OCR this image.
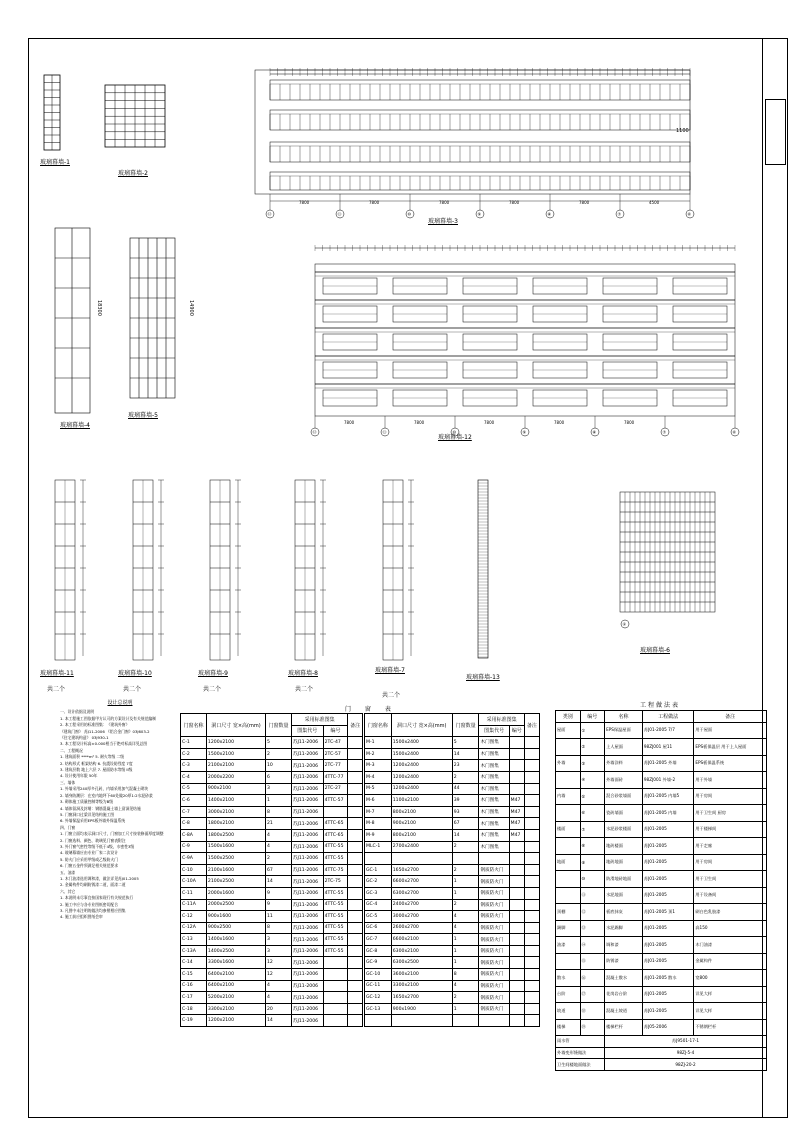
玻璃幕墙-1
玻璃幕墙-2
⑫	⑪	⑩	⑨	⑧	⑦	⑥
7800	7800	7800	7800	7800	4500
玻璃幕墙-3
1100
玻璃幕墙-4
18300
玻璃幕墙-5
14900
⑫	⑪	⑩	⑨	⑧	⑦	⑥
7800	7800	7800	7800	7800
玻璃幕墙-12
玻璃幕墙-11
共二个
玻璃幕墙-10
共二个
玻璃幕墙-9
共二个
玻璃幕墙-8
共二个
玻璃幕墙-7
共二个
玻璃幕墙-13
①
玻璃幕墙-6
设计总说明
一、设计依据及说明
1. 本工程施工图依据甲方认可的方案设计及有关规范编制
2. 本工程采用的标准图集：《建筑外窗》
《建筑门窗》 苏J11-2006 《铝合金门窗》03J603-2
《住宅建筑构造》 03J930-1
3. 本工程设计标高±0.000相当于绝对标高详见总图
二、工程概况
1. 建筑面积 ****m² 5. 耐火等级 二级
2. 结构形式 框架结构 6. 抗震设防烈度 7度
3. 建筑层数 地上六层 7. 屋面防水等级 II级
4. 设计使用年限 50年
三、墙体
1. 外墙采用240厚多孔砖，内墙采用加气混凝土砌块
2. 墙身防潮层：在室内地坪下60处做20厚1:2水泥砂浆
3. 砌体施工质量控制等级为B级
4. 墙体留洞及封堵：钢筋混凝土墙上留洞见结施
5. 门窗洞口过梁详见结构施工图
6. 外墙保温采用EPS板外墙外保温系统
四、门窗
1. 门窗立面均表示洞口尺寸，门窗加工尺寸按装修面厚度调整
2. 门窗选料、颜色、玻璃见门窗表附注
3. 外门窗气密性等级不低于4级，水密性3级
4. 玻璃幕墙应由专业厂家二次设计
5. 防火门应采用甲级或乙级防火门
6. 门窗五金件须满足相关规范要求
五、油漆
1. 木门油漆选用调和漆，做法详见苏J01-2005
2. 金属构件均刷防锈漆二道，面漆二道
六、其它
1. 本说明未尽事宜按国家现行有关规范执行
2. 施工中应与各专业图纸密切配合
3. 凡图中未注明的做法均参照相应图集
4. 施工前应组织图纸会审
门 窗 表
门窗名称	洞口尺寸 宽×高(mm)	门窗数量	采用标准图集		备注
			图集代号	编号	
C-1	1200x2100	5	苏J11-2006	2TC-47	
C-2	1500x2100	2	苏J11-2006	2TC-57	
C-3	2100x2100	10	苏J11-2006	2TC-77	
C-4	2000x2200	6	苏J11-2006	4TTC-77	
C-5	900x2100	3	苏J11-2006	2TC-27	
C-6	1400x2100	1	苏J11-2006	4TTC-57	
C-7	3000x2100	8	苏J11-2006		
C-8	1800x2100	21	苏J11-2006	4TTC-65	
C-8A	1800x2500	4	苏J11-2006	4TTC-65	
C-9	1500x1600	4	苏J11-2006	4TTC-55	
C-9A	1500x2500	2	苏J11-2006	4TTC-55	
C-10	2100x1600	67	苏J11-2006	4TTC-75	
C-10A	2100x2500	14	苏J11-2006	2TC-75	
C-11	2000x1600	9	苏J11-2006	4TTC-55	
C-11A	2000x2500	9	苏J11-2006	4TTC-55	
C-12	900x1600	11	苏J11-2006	4TTC-55	
C-12A	900x2500	8	苏J11-2006	4TTC-55	
C-13	1400x1600	3	苏J11-2006	4TTC-55	
C-13A	1400x2500	3	苏J11-2006	4TTC-55	
C-14	3300x1600	12	苏J11-2006		
C-15	6400x2100	12	苏J11-2006		
C-16	6400x2100	4	苏J11-2006		
C-17	5200x2100	4	苏J11-2006		
C-18	3300x2100	20	苏J11-2006		
C-19	1200x2100	14	苏J11-2006		
门窗名称	洞口尺寸 宽×高(mm)	门窗数量	采用标准图集		备注
			图集代号	编号	
M-1	1500x2400	5	木门图集		
M-2	1500x2400	14	木门图集		
M-3	1200x2400	23	木门图集		
M-4	1200x2400	2	木门图集		
M-5	1200x2400	44	木门图集		
M-6	1100x2100	39	木门图集	M47	
M-7	800x2100	93	木门图集	M47	
M-8	900x2100	67	木门图集	M47	
M-9	800x2100	14	木门图集	M47	
MLC-1	2700x2400	2	木门图集		

GC-1	1650x2700	2	钢质防火门		
GC-2	6600x2700	1	钢质防火门		
GC-3	6300x2700	1	钢质防火门		
GC-4	2400x2700	2	钢质防火门		
GC-5	3000x2700	4	钢质防火门		
GC-6	2600x2700	4	钢质防火门		
GC-7	6600x2100	1	钢质防火门		
GC-8	6300x2100	1	钢质防火门		
GC-9	6300x2500	1	钢质防火门		
GC-10	3600x2100	8	钢质防火门		
GC-11	3300x2100	4	钢质防火门		
GC-12	1650x2700	2	钢质防火门		
GC-13	900x1900	1	钢质防火门		

工程做法表
类别	编号	名称	工程做法	备注
屋面	①	EPS保温屋面	苏J01-2005 7/7	用于屋面
	②	上人屋面	98ZJ001 屋11	EPS板保温层 用于上人屋面
外墙	③	外墙涂料	苏J01-2005 外墙	EPS板保温系统
	④	外墙面砖	98ZJ001 外墙-2	用于外墙
内墙	⑤	混合砂浆墙面	苏J01-2005 内墙5	用于房间
	⑥	瓷砖墙面	苏J01-2005 内墙	用于卫生间 厨房
楼面	⑦	水泥砂浆楼面	苏J01-2005	用于楼梯间
	⑧	地砖楼面	苏J01-2005	用于走廊
地面	⑨	地砖地面	苏J01-2005	用于房间
	⑩	防滑地砖地面	苏J01-2005	用于卫生间
	⑪	水泥地面	苏J01-2005	用于设备间
顶棚	⑫	板底抹灰	苏J01-2005 顶1	刷白色乳胶漆
踢脚	⑬	水泥踢脚	苏J01-2005	高150
油漆	⑭	调和漆	苏J01-2005	木门油漆
	⑮	防锈漆	苏J01-2005	金属构件
散水	⑯	混凝土散水	苏J01-2005 散水	宽800
台阶	⑰	花岗岩台阶	苏J01-2005	详见大样
坡道	⑱	混凝土坡道	苏J01-2005	详见大样
楼梯	⑲	楼梯栏杆	苏J05-2006	不锈钢栏杆
雨水管		苏J9501-17-1		
外墙变形缝做法		98ZJ-5-4		
卫生间楼地面做法		98ZJ-20-2		
